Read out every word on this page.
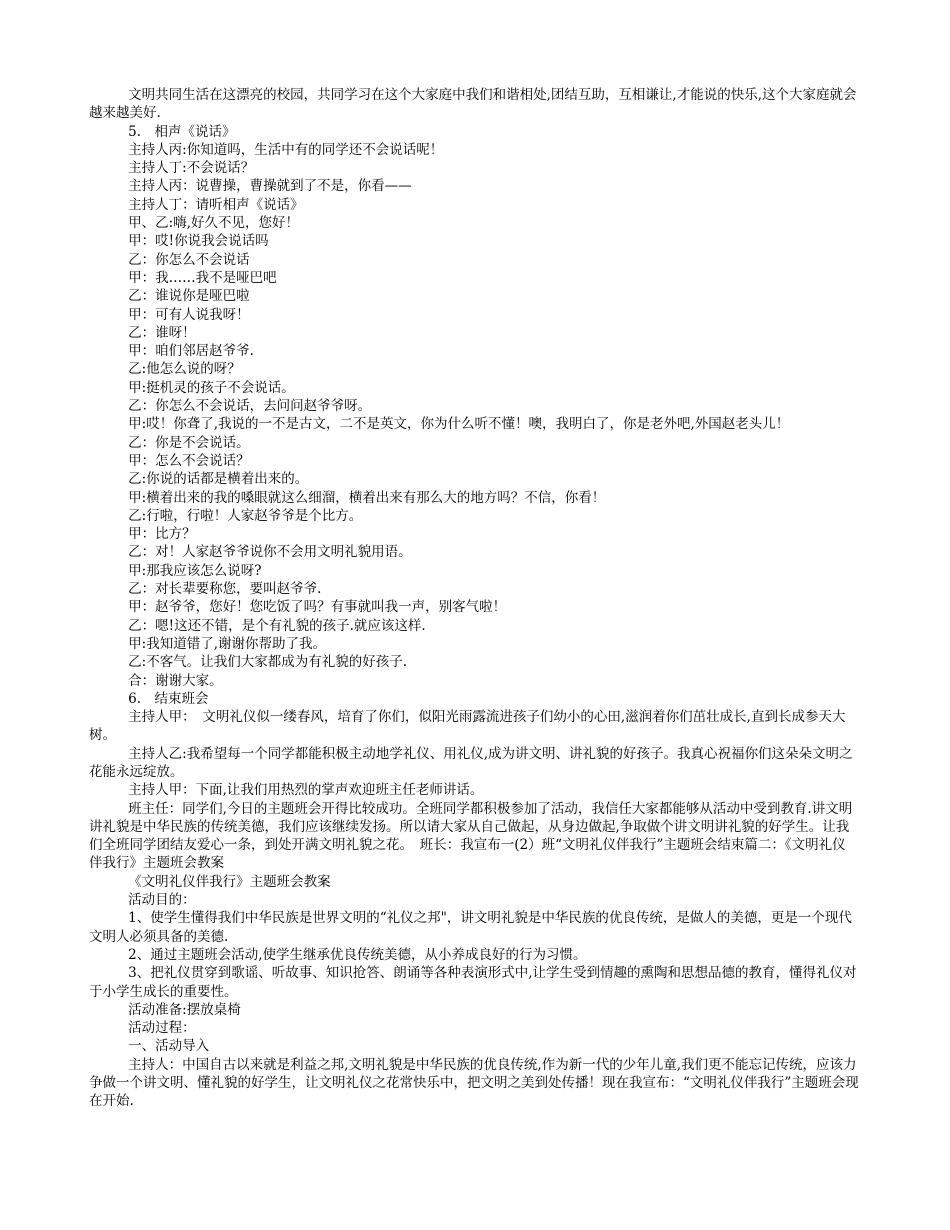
文明共同生活在这漂亮的校园，共同学习在这个大家庭中我们和谐相处,团结互助，互相谦让,才能说的快乐,这个大家庭就会越来越美好.

5.　相声《说话》

主持人丙:你知道吗，生活中有的同学还不会说话呢！

主持人丁:不会说话？

主持人丙：说曹操，曹操就到了不是，你看——

主持人丁：请听相声《说话》

甲、乙:嗨,好久不见，您好！

甲：哎!你说我会说话吗

乙：你怎么不会说话

甲：我……我不是哑巴吧

乙：谁说你是哑巴啦

甲：可有人说我呀！

乙：谁呀！

甲：咱们邻居赵爷爷.

乙:他怎么说的呀？

甲:挺机灵的孩子不会说话。

乙：你怎么不会说话，去问问赵爷爷呀。

甲:哎！你聋了,我说的一不是古文，二不是英文，你为什么听不懂！噢，我明白了，你是老外吧,外国赵老头儿！

乙：你是不会说话。

甲：怎么不会说话？

乙:你说的话都是横着出来的。

甲:横着出来的我的嗓眼就这么细溜，横着出来有那么大的地方吗？不信，你看！

乙:行啦，行啦！人家赵爷爷是个比方。

甲：比方？

乙：对！人家赵爷爷说你不会用文明礼貌用语。

甲:那我应该怎么说呀?

乙：对长辈要称您，要叫赵爷爷.

甲：赵爷爷，您好！您吃饭了吗？有事就叫我一声，别客气啦！

乙：嗯!这还不错，是个有礼貌的孩子.就应该这样.

甲:我知道错了,谢谢你帮助了我。

乙:不客气。让我们大家都成为有礼貌的好孩子.

合：谢谢大家。

6.　结束班会

主持人甲：　文明礼仪似一缕春风，培育了你们，似阳光雨露流进孩子们幼小的心田,滋润着你们茁壮成长,直到长成参天大树。

主持人乙:我希望每一个同学都能积极主动地学礼仪、用礼仪,成为讲文明、讲礼貌的好孩子。我真心祝福你们这朵朵文明之花能永远绽放。

主持人甲：下面,让我们用热烈的掌声欢迎班主任老师讲话。

班主任：同学们,今日的主题班会开得比较成功。全班同学都积极参加了活动，我信任大家都能够从活动中受到教育.讲文明讲礼貌是中华民族的传统美德，我们应该继续发扬。所以请大家从自己做起，从身边做起,争取做个讲文明讲礼貌的好学生。让我们全班同学团结友爱心一条，到处开满文明礼貌之花。　班长：我宣布一(2）班“文明礼仪伴我行”主题班会结束篇二：《文明礼仪伴我行》主题班会教案

《文明礼仪伴我行》主题班会教案

活动目的：

1、使学生懂得我们中华民族是世界文明的“礼仪之邦"，讲文明礼貌是中华民族的优良传统，是做人的美德，更是一个现代文明人必须具备的美德.

2、通过主题班会活动,使学生继承优良传统美德，从小养成良好的行为习惯。

3、把礼仪贯穿到歌谣、听故事、知识抢答、朗诵等各种表演形式中,让学生受到情趣的熏陶和思想品德的教育，懂得礼仪对于小学生成长的重要性。

活动准备:摆放桌椅

活动过程：

一、活动导入

主持人：中国自古以来就是利益之邦,文明礼貌是中华民族的优良传统,作为新一代的少年儿童,我们更不能忘记传统，应该力争做一个讲文明、懂礼貌的好学生，让文明礼仪之花常快乐中，把文明之美到处传播！现在我宣布：“文明礼仪伴我行”主题班会现在开始.
